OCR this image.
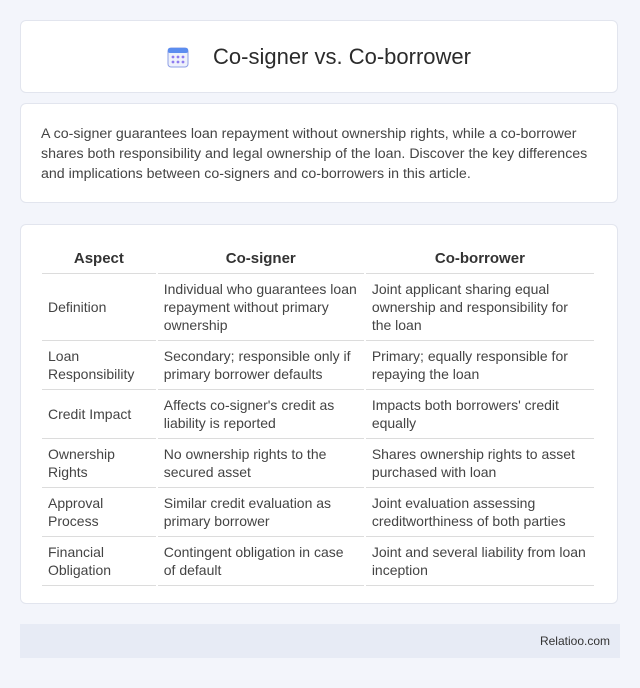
Co-signer vs. Co-borrower
A co-signer guarantees loan repayment without ownership rights, while a co-borrower shares both responsibility and legal ownership of the loan. Discover the key differences and implications between co-signers and co-borrowers in this article.
Aspect	Co-signer	Co-borrower
Definition	Individual who guarantees loan repayment without primary ownership	Joint applicant sharing equal ownership and responsibility for the loan
Loan Responsibility	Secondary; responsible only if primary borrower defaults	Primary; equally responsible for repaying the loan
Credit Impact	Affects co-signer's credit as liability is reported	Impacts both borrowers' credit equally
Ownership Rights	No ownership rights to the secured asset	Shares ownership rights to asset purchased with loan
Approval Process	Similar credit evaluation as primary borrower	Joint evaluation assessing creditworthiness of both parties
Financial Obligation	Contingent obligation in case of default	Joint and several liability from loan inception
Relatioo.com
